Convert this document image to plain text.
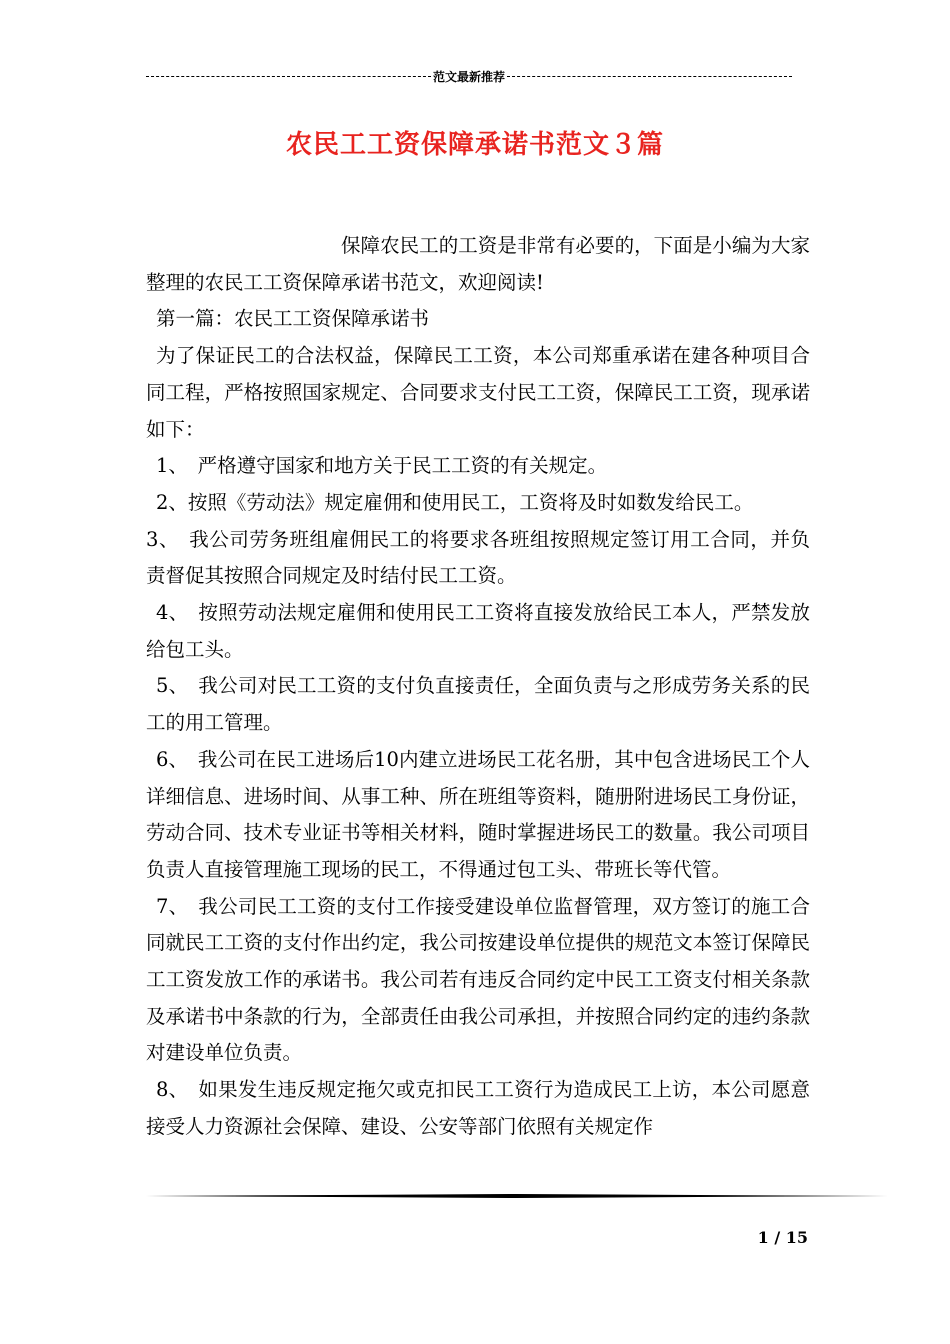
范文最新推荐
农民工工资保障承诺书范文３篇

保障农民工的工资是非常有必要的，下面是小编为大家整理的农民工工资保障承诺书范文，欢迎阅读!

第一篇：农民工工资保障承诺书

为了保证民工的合法权益，保障民工工资，本公司郑重承诺在建各种项目合同工程，严格按照国家规定、合同要求支付民工工资，保障民工工资，现承诺如下：

1、　严格遵守国家和地方关于民工工资的有关规定。

2、按照《劳动法》规定雇佣和使用民工，工资将及时如数发给民工。

3、　我公司劳务班组雇佣民工的将要求各班组按照规定签订用工合同，并负责督促其按照合同规定及时结付民工工资。

4、　按照劳动法规定雇佣和使用民工工资将直接发放给民工本人，严禁发放给包工头。

5、　我公司对民工工资的支付负直接责任，全面负责与之形成劳务关系的民工的用工管理。

6、　我公司在民工进场后10内建立进场民工花名册，其中包含进场民工个人详细信息、进场时间、从事工种、所在班组等资料，随册附进场民工身份证，劳动合同、技术专业证书等相关材料，随时掌握进场民工的数量。我公司项目负责人直接管理施工现场的民工，不得通过包工头、带班长等代管。

7、　我公司民工工资的支付工作接受建设单位监督管理，双方签订的施工合同就民工工资的支付作出约定，我公司按建设单位提供的规范文本签订保障民工工资发放工作的承诺书。我公司若有违反合同约定中民工工资支付相关条款及承诺书中条款的行为，全部责任由我公司承担，并按照合同约定的违约条款对建设单位负责。

8、　如果发生违反规定拖欠或克扣民工工资行为造成民工上访，本公司愿意接受人力资源社会保障、建设、公安等部门依照有关规定作

1 / 15
